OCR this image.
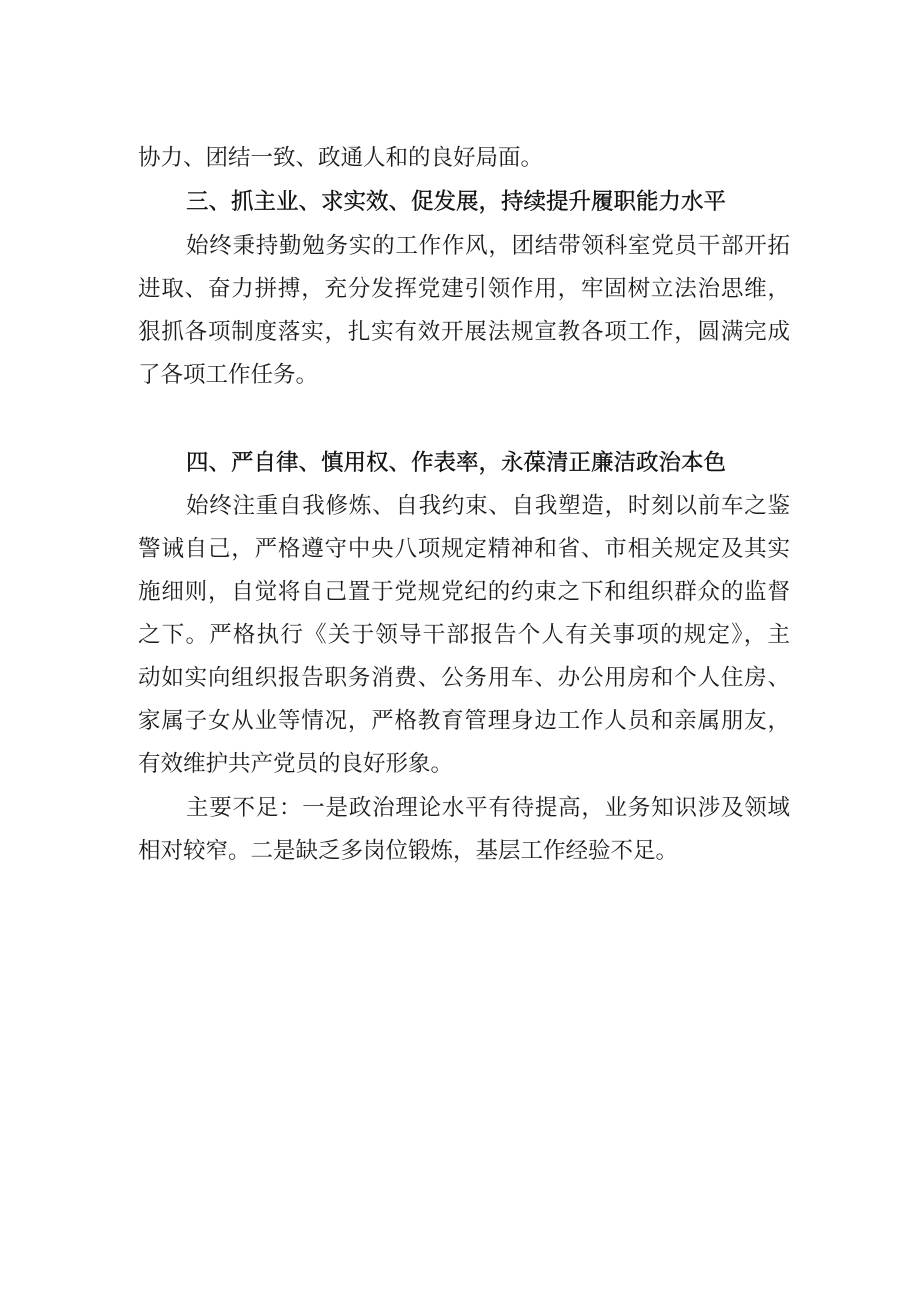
协力、团结一致、政通人和的良好局面。
三、抓主业、求实效、促发展，持续提升履职能力水平
始终秉持勤勉务实的工作作风，团结带领科室党员干部开拓
进取、奋力拼搏，充分发挥党建引领作用，牢固树立法治思维，
狠抓各项制度落实，扎实有效开展法规宣教各项工作，圆满完成
了各项工作任务。
四、严自律、慎用权、作表率，永葆清正廉洁政治本色
始终注重自我修炼、自我约束、自我塑造，时刻以前车之鉴
警诫自己，严格遵守中央八项规定精神和省、市相关规定及其实
施细则，自觉将自己置于党规党纪的约束之下和组织群众的监督
之下。严格执行《关于领导干部报告个人有关事项的规定》，主
动如实向组织报告职务消费、公务用车、办公用房和个人住房、
家属子女从业等情况，严格教育管理身边工作人员和亲属朋友，
有效维护共产党员的良好形象。
主要不足：一是政治理论水平有待提高，业务知识涉及领域
相对较窄。二是缺乏多岗位锻炼，基层工作经验不足。
